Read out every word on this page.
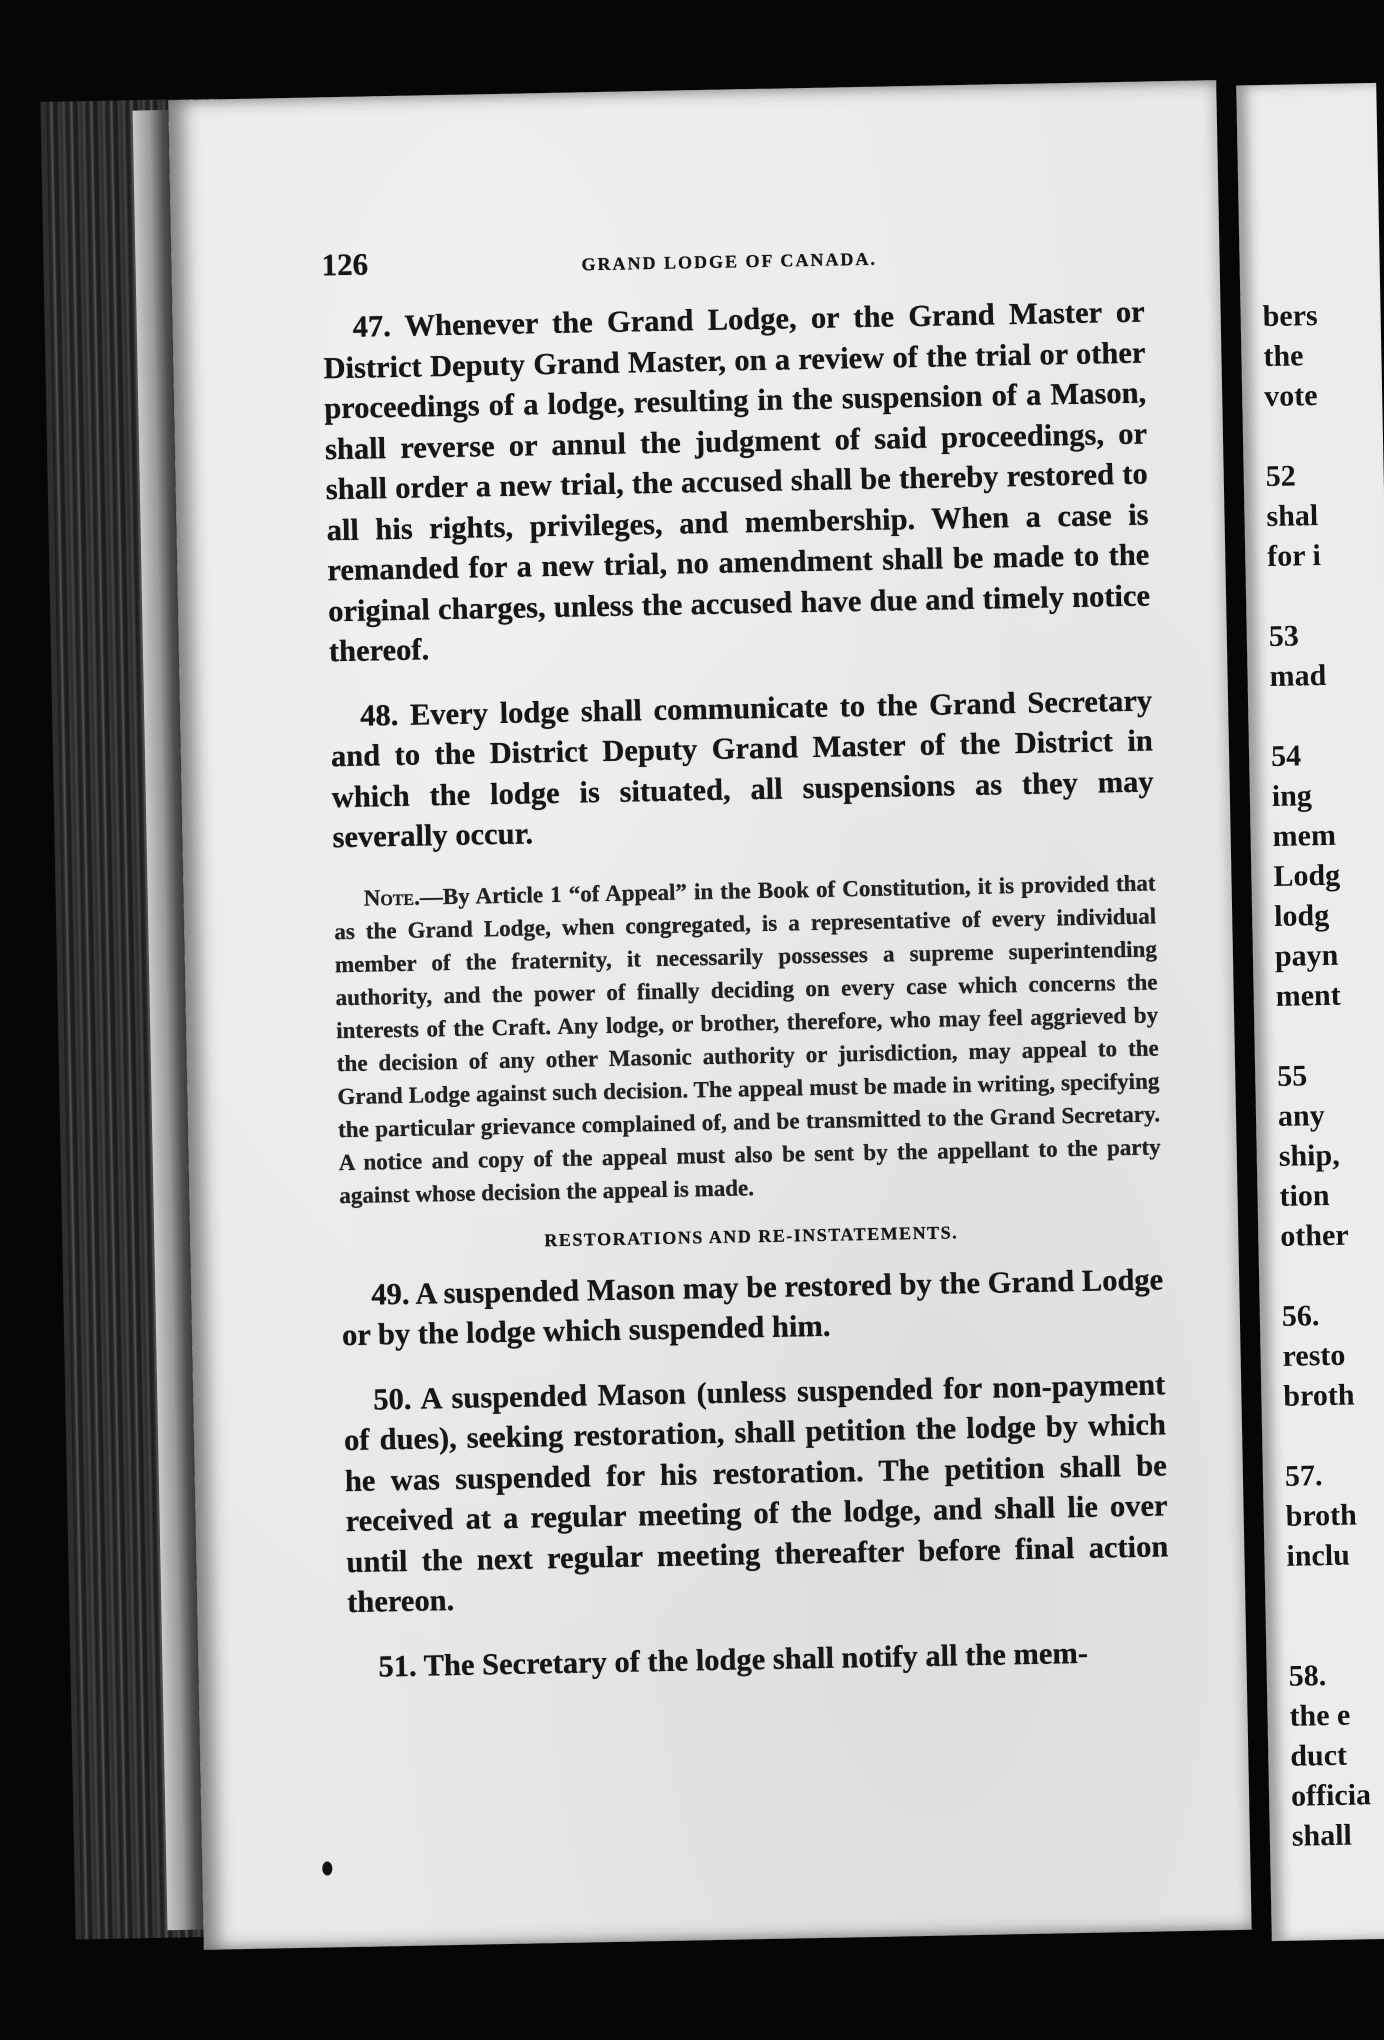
126	GRAND LODGE OF CANADA.

47. Whenever the Grand Lodge, or the Grand Master or District Deputy Grand Master, on a review of the trial or other proceedings of a lodge, resulting in the suspension of a Mason, shall reverse or annul the judgment of said proceedings, or shall order a new trial, the accused shall be thereby restored to all his rights, privileges, and membership. When a case is remanded for a new trial, no amendment shall be made to the original charges, unless the accused have due and timely notice thereof.

48. Every lodge shall communicate to the Grand Secretary and to the District Deputy Grand Master of the District in which the lodge is situated, all suspensions as they may severally occur.

Note.—By Article 1 “of Appeal” in the Book of Constitution, it is provided that as the Grand Lodge, when congregated, is a representative of every individual member of the fraternity, it necessarily possesses a supreme superintending authority, and the power of finally deciding on every case which concerns the interests of the Craft. Any lodge, or brother, therefore, who may feel aggrieved by the decision of any other Masonic authority or jurisdiction, may appeal to the Grand Lodge against such decision. The appeal must be made in writing, specifying the particular grievance complained of, and be transmitted to the Grand Secretary. A notice and copy of the appeal must also be sent by the appellant to the party against whose decision the appeal is made.

RESTORATIONS AND RE-INSTATEMENTS.

49. A suspended Mason may be restored by the Grand Lodge or by the lodge which suspended him.

50. A suspended Mason (unless suspended for non-payment of dues), seeking restoration, shall petition the lodge by which he was suspended for his restoration. The petition shall be received at a regular meeting of the lodge, and shall lie over until the next regular meeting thereafter before final action thereon.

51. The Secretary of the lodge shall notify all the mem-

bers
the
vote
52
shal
for i
53
mad
54
ing
mem
Lodg
lodg
payn
ment
55
any
ship,
tion
other
56.
resto
broth
57.
broth
inclu
58.
the e
duct
officia
shall
